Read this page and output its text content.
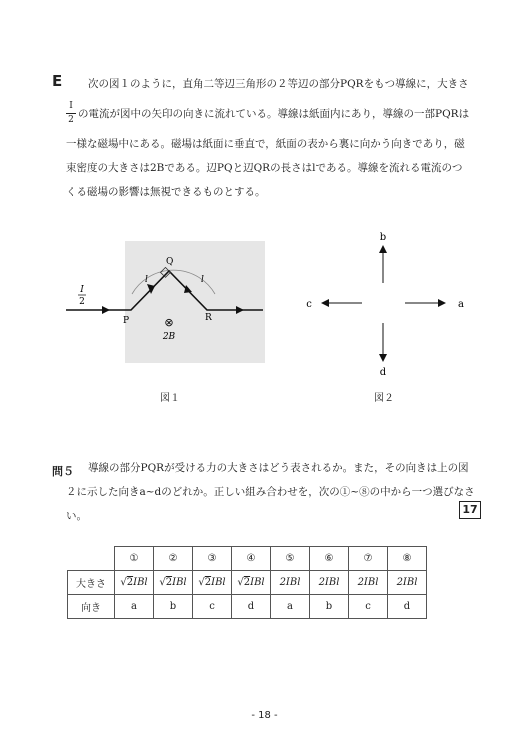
E 次の図１のように，直角二等辺三角形の２等辺の部分PQRをもつ導線に，大きさ
I
2 の電流が図中の矢印の向きに流れている。導線は紙面内にあり，導線の一部PQRは
一様な磁場中にある。磁場は紙面に垂直で，紙面の表から裏に向かう向きであり，磁
束密度の大きさは2Bである。辺PQと辺QRの長さはlである。導線を流れる電流のつ
くる磁場の影響は無視できるものとする。
I
2
P
Q
R
l	l
⊗
2B
図１
b
a
c
d
図２
問５ 導線の部分PQRが受ける力の大きさはどう表されるか。また，その向きは上の図
２に示した向きa~dのどれか。正しい組み合わせを，次の①~⑧の中から一つ選びなさ
い。	17
	①	②	③	④	⑤	⑥	⑦	⑧
大きさ	√2IBl	√2IBl	√2IBl	√2IBl	2IBl	2IBl	2IBl	2IBl
向き	a	b	c	d	a	b	c	d
- 18 -
